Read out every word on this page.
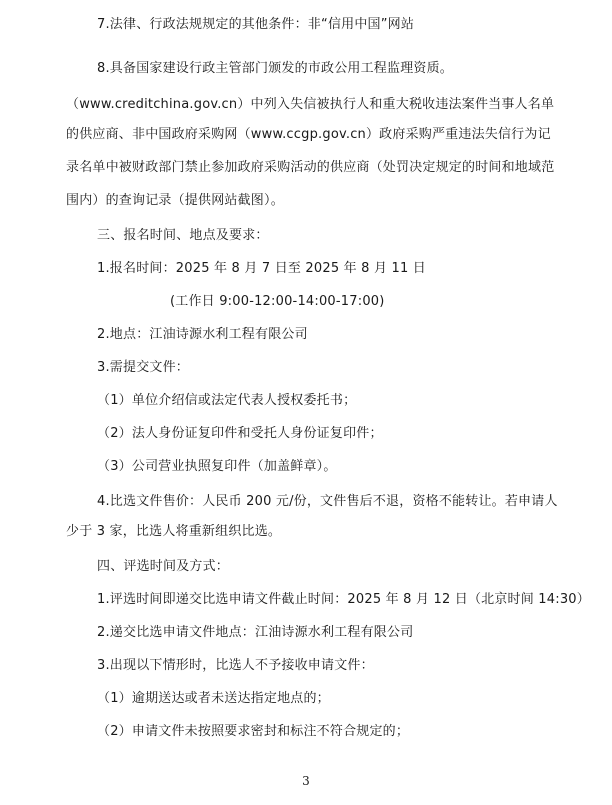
7.法律、行政法规规定的其他条件：非“信用中国”网站
8.具备国家建设行政主管部门颁发的市政公用工程监理资质。
（www.creditchina.gov.cn）中列入失信被执行人和重大税收违法案件当事人名单
的供应商、非中国政府采购网（www.ccgp.gov.cn）政府采购严重违法失信行为记
录名单中被财政部门禁止参加政府采购活动的供应商（处罚决定规定的时间和地域范
围内）的查询记录（提供网站截图）。
三、报名时间、地点及要求：
1.报名时间：2025 年 8 月 7 日至 2025 年 8 月 11 日
(工作日 9:00-12:00-14:00-17:00)
2.地点：江油诗源水利工程有限公司
3.需提交文件：
（1）单位介绍信或法定代表人授权委托书；
（2）法人身份证复印件和受托人身份证复印件；
（3）公司营业执照复印件（加盖鲜章）。
4.比选文件售价：人民币 200 元/份，文件售后不退，资格不能转让。若申请人
少于 3 家，比选人将重新组织比选。
四、评选时间及方式：
1.评选时间即递交比选申请文件截止时间：2025 年 8 月 12 日（北京时间 14:30）
2.递交比选申请文件地点：江油诗源水利工程有限公司
3.出现以下情形时，比选人不予接收申请文件：
（1）逾期送达或者未送达指定地点的；
（2）申请文件未按照要求密封和标注不符合规定的；
3
